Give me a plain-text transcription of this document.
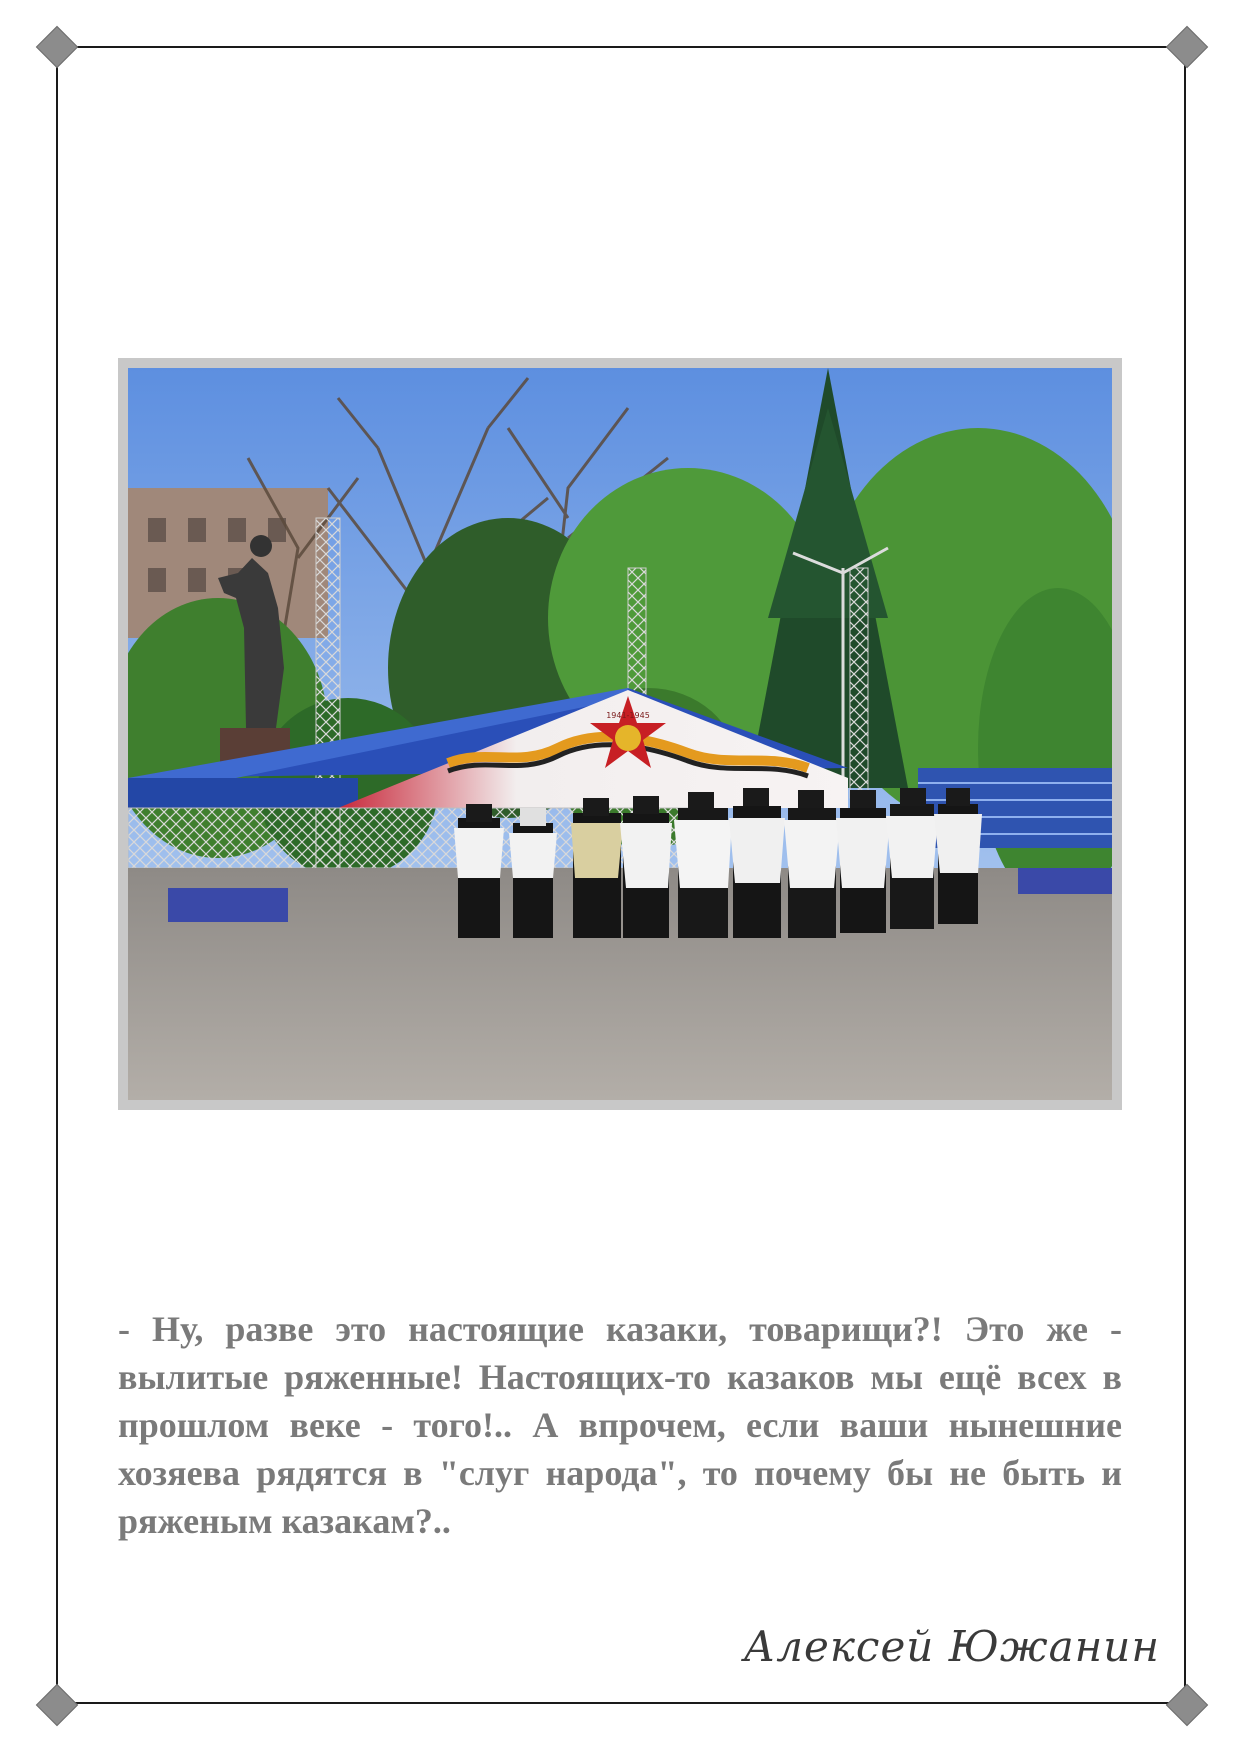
1941-1945

- Ну, разве это настоящие казаки, товарищи?! Это же - вылитые ряженные! Настоящих-то казаков мы ещё всех в прошлом веке - того!.. А впрочем, если ваши нынешние хозяева рядятся в "слуг народа", то почему бы не быть и ряженым казакам?..

Алексей Южанин
